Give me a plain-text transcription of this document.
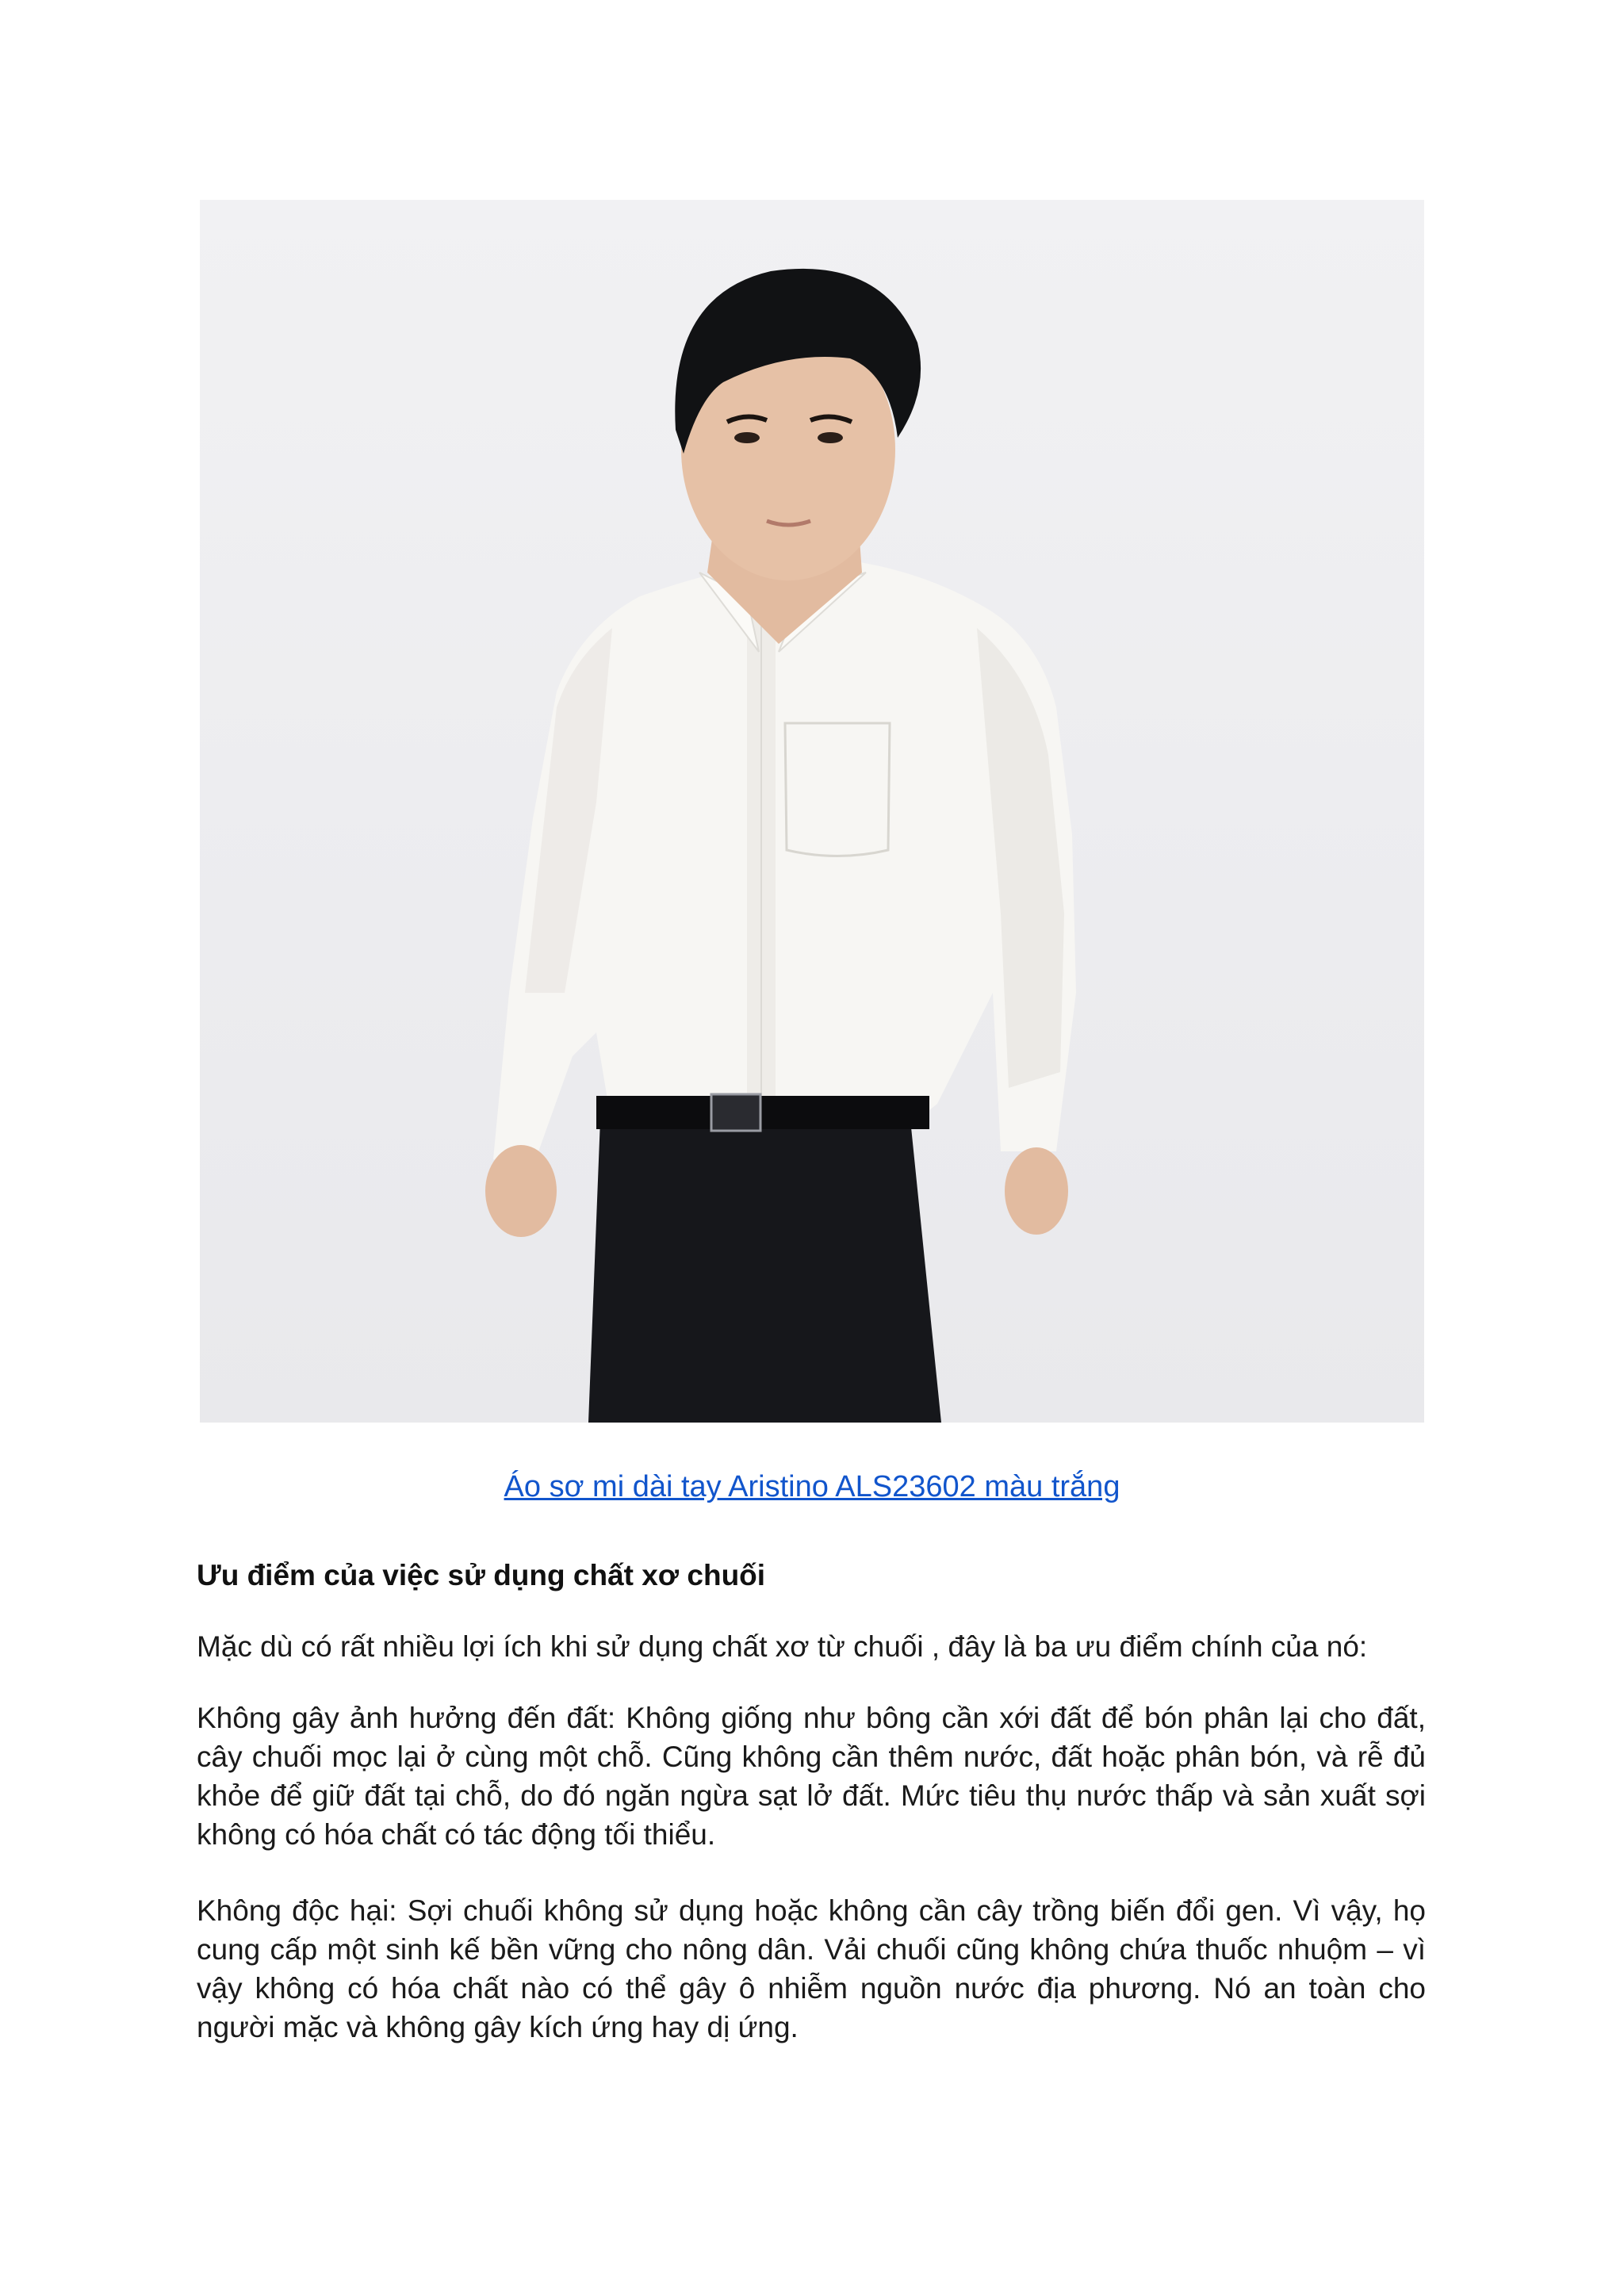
Áo sơ mi dài tay Aristino ALS23602 màu trắng
Ưu điểm của việc sử dụng chất xơ chuối

Mặc dù có rất nhiều lợi ích khi sử dụng chất xơ từ chuối , đây là ba ưu điểm chính của nó:

Không gây ảnh hưởng đến đất: Không giống như bông cần xới đất để bón phân lại cho đất, cây chuối mọc lại ở cùng một chỗ. Cũng không cần thêm nước, đất hoặc phân bón, và rễ đủ khỏe để giữ đất tại chỗ, do đó ngăn ngừa sạt lở đất. Mức tiêu thụ nước thấp và sản xuất sợi không có hóa chất có tác động tối thiểu.

Không độc hại: Sợi chuối không sử dụng hoặc không cần cây trồng biến đổi gen. Vì vậy, họ cung cấp một sinh kế bền vững cho nông dân. Vải chuối cũng không chứa thuốc nhuộm – vì vậy không có hóa chất nào có thể gây ô nhiễm nguồn nước địa phương. Nó an toàn cho người mặc và không gây kích ứng hay dị ứng.
